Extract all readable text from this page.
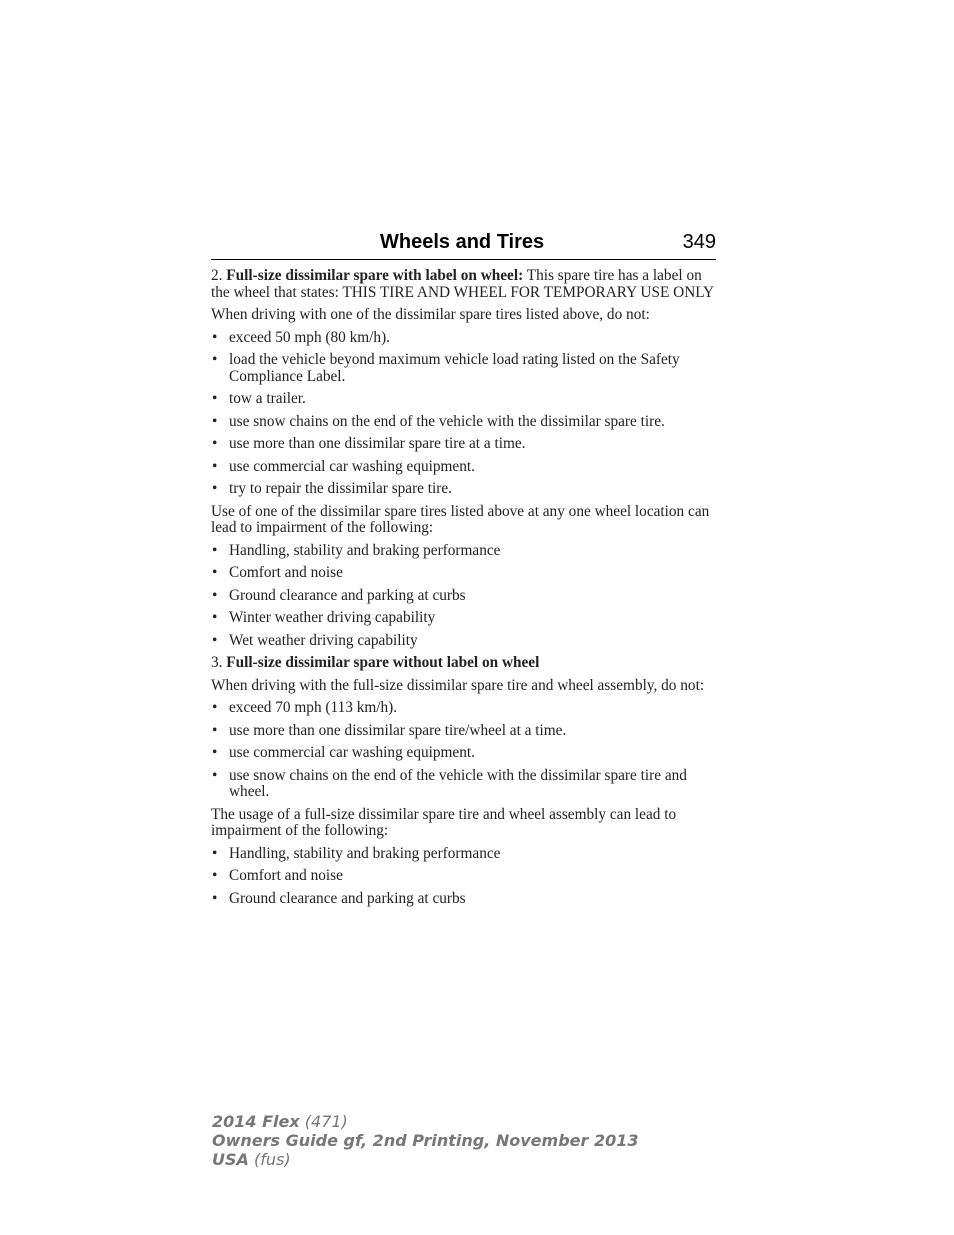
Wheels and Tires	349

2. Full-size dissimilar spare with label on wheel: This spare tire has a label on the wheel that states: THIS TIRE AND WHEEL FOR TEMPORARY USE ONLY

When driving with one of the dissimilar spare tires listed above, do not:

• exceed 50 mph (80 km/h).
• load the vehicle beyond maximum vehicle load rating listed on the Safety Compliance Label.
• tow a trailer.
• use snow chains on the end of the vehicle with the dissimilar spare tire.
• use more than one dissimilar spare tire at a time.
• use commercial car washing equipment.
• try to repair the dissimilar spare tire.

Use of one of the dissimilar spare tires listed above at any one wheel location can lead to impairment of the following:

• Handling, stability and braking performance
• Comfort and noise
• Ground clearance and parking at curbs
• Winter weather driving capability
• Wet weather driving capability

3. Full-size dissimilar spare without label on wheel

When driving with the full-size dissimilar spare tire and wheel assembly, do not:

• exceed 70 mph (113 km/h).
• use more than one dissimilar spare tire/wheel at a time.
• use commercial car washing equipment.
• use snow chains on the end of the vehicle with the dissimilar spare tire and wheel.

The usage of a full-size dissimilar spare tire and wheel assembly can lead to impairment of the following:

• Handling, stability and braking performance
• Comfort and noise
• Ground clearance and parking at curbs
2014 Flex (471)
Owners Guide gf, 2nd Printing, November 2013
USA (fus)
